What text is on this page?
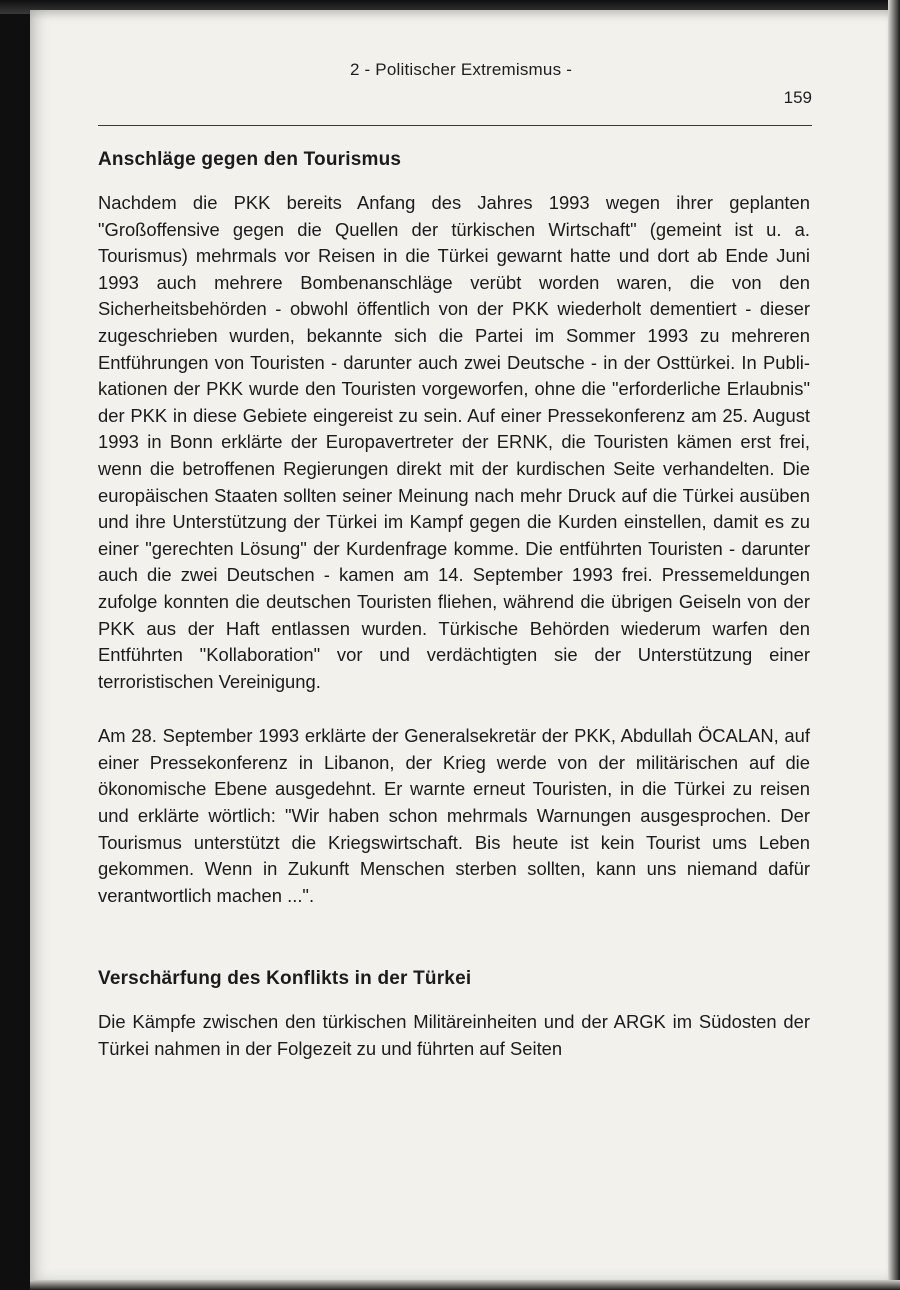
2 - Politischer Extremismus -
159
Anschläge gegen den Tourismus

Nachdem die PKK bereits Anfang des Jahres 1993 wegen ihrer geplanten "Großoffensive gegen die Quellen der türkischen Wirtschaft" (gemeint ist u. a. Tourismus) mehrmals vor Reisen in die Türkei gewarnt hatte und dort ab Ende Juni 1993 auch mehrere Bombenanschläge verübt worden waren, die von den Sicherheitsbehörden - obwohl öffentlich von der PKK wiederholt dementiert - dieser zugeschrieben wurden, bekannte sich die Partei im Sommer 1993 zu mehreren Entführungen von Touristen - darunter auch zwei Deutsche - in der Osttürkei. In Publikationen der PKK wurde den Touristen vorgeworfen, ohne die "erforderliche Erlaubnis" der PKK in diese Gebiete eingereist zu sein. Auf einer Pressekonferenz am 25. August 1993 in Bonn erklärte der Europavertreter der ERNK, die Touristen kämen erst frei, wenn die betroffenen Regierungen direkt mit der kurdischen Seite verhandelten. Die europäischen Staaten sollten seiner Meinung nach mehr Druck auf die Türkei ausüben und ihre Unterstützung der Türkei im Kampf gegen die Kurden einstellen, damit es zu einer "gerechten Lösung" der Kurdenfrage komme. Die entführten Touristen - darunter auch die zwei Deutschen - kamen am 14. September 1993 frei. Pressemeldungen zufolge konnten die deutschen Touristen fliehen, während die übrigen Geiseln von der PKK aus der Haft entlassen wurden. Türkische Behörden wiederum warfen den Entführten "Kollaboration" vor und verdächtigten sie der Unterstützung einer terroristischen Vereinigung.

Am 28. September 1993 erklärte der Generalsekretär der PKK, Abdullah ÖCALAN, auf einer Pressekonferenz in Libanon, der Krieg werde von der militärischen auf die ökonomische Ebene ausgedehnt. Er warnte erneut Touristen, in die Türkei zu reisen und erklärte wörtlich: "Wir haben schon mehrmals Warnungen ausgesprochen. Der Tourismus unterstützt die Kriegswirtschaft. Bis heute ist kein Tourist ums Leben gekommen. Wenn in Zukunft Menschen sterben sollten, kann uns niemand dafür verantwortlich machen ...".

Verschärfung des Konflikts in der Türkei

Die Kämpfe zwischen den türkischen Militäreinheiten und der ARGK im Südosten der Türkei nahmen in der Folgezeit zu und führten auf Seiten
